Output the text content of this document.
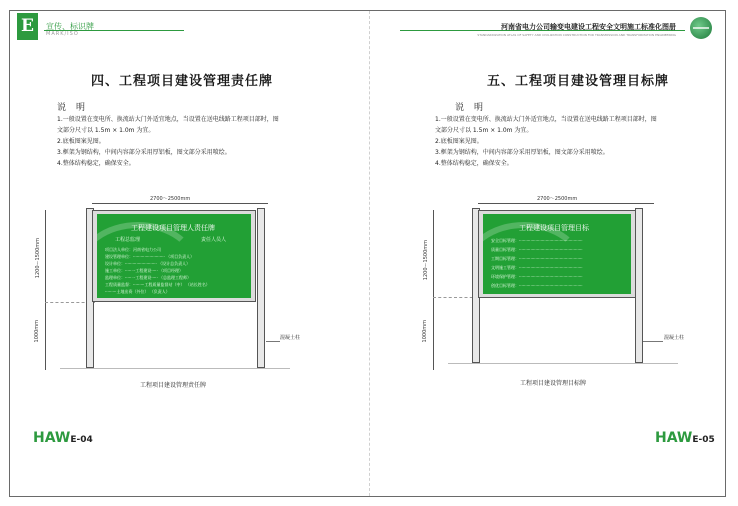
E	宣传、标识牌
MARK/ISO
河南省电力公司输变电建设工程安全文明施工标准化图册
STANDARDIZATION ATLAS OF SAFETY AND CIVILIZATION CONSTRUCTION FOR TRANSMISSION AND TRANSFORMATION ENGINEERING
四、工程项目建设管理责任牌
说明
1.一般设置在变电所、换流站大门外适宜地点，当设置在送电线路工程项目部时，图
文部分尺寸以 1.5m × 1.0m 为宜。
2.底板图案见图。
3.框架为钢结构，中间内容部分采用厚铝板，图文部分采用喷绘。
4.整体结构稳定，确保安全。
2700～2500mm
1200～1500mm
1000mm
工程建设项目管理人责任牌
工程总监理	责任人员人
项目法人单位：河南省电力公司
建设管理单位：························· （项目负责人）
设计单位：························· （设计总负责人）
施工单位：·····一工程建设····· （项目经理）
监理单位：·····一工程建设····· （总监理工程师）
工程质量监督：·········工程质量监督站（中） （站长姓名）
·········土地出资（外位） （负责人）
混凝土柱
工程项目建设管理责任牌
HAWE-04
五、工程项目建设管理目标牌
说明
1.一般设置在变电所、换流站大门外适宜地点，当设置在送电线路工程项目部时，图
文部分尺寸以 1.5m × 1.0m 为宜。
2.底板图案见图。
3.框架为钢结构，中间内容部分采用厚铝板，图文部分采用喷绘。
4.整体结构稳定，确保安全。
2700～2500mm
1200～1500mm
1000mm
工程建设项目管理目标
安全目标管理：··················································
质量目标管理：··················································
工期目标管理：··················································
文明施工管理：··················································
环境保护管理：··················································
创优目标管理：··················································
混凝土柱
工程项目建设管理目标牌
HAWE-05
